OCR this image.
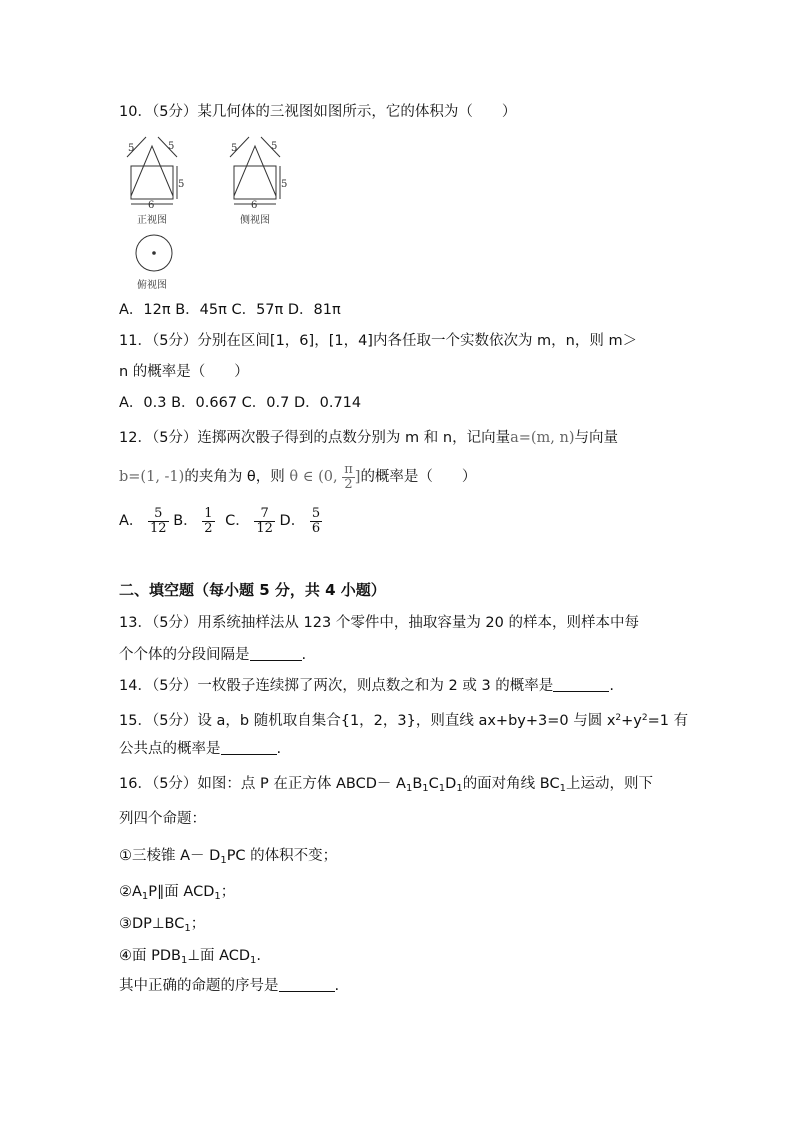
10．（5分）某几何体的三视图如图所示，它的体积为（　　）
5	5
5
6
正视图
5	5
5
6
侧视图
俯视图
A．12π B．45π C．57π D．81π
11．（5分）分别在区间[1，6]，[1，4]内各任取一个实数依次为 m，n，则 m＞
n 的概率是（　　）
A．0.3 B．0.667 C．0.7 D．0.714
12．（5分）连掷两次骰子得到的点数分别为 m 和 n，记向量a=(m, n)与向量
b=(1, -1)的夹角为 θ，则 θ ∈ (0, $\frac{\pi}{2}$ ]的概率是（　　）
A． $\frac{5}{12}$ B． $\frac{1}{2}$ C． $\frac{7}{12}$ D． $\frac{5}{6}$
二、填空题（每小题 5 分，共 4 小题）
13．（5分）用系统抽样法从 123 个零件中，抽取容量为 20 的样本，则样本中每
个个体的分段间隔是	.
14．（5分）一枚骰子连续掷了两次，则点数之和为 2 或 3 的概率是	.
15．（5分）设 a，b 随机取自集合{1，2，3}，则直线 ax+by+3=0 与圆 $x^2+y^2=1$ 有
公共点的概率是	.
16．（5分）如图：点 P 在正方体 ABCD－ $A_1B_1C_1D_1$的面对角线 $BC_1$上运动，则下
列四个命题：
①三棱锥 $A- D_1PC$ 的体积不变；
$②A_1P\parallel$面 $ACD_1$；
$③DP\perp BC_1$；
④面 $PDB_1\perp$面 $ACD_1$.
其中正确的命题的序号是	.
